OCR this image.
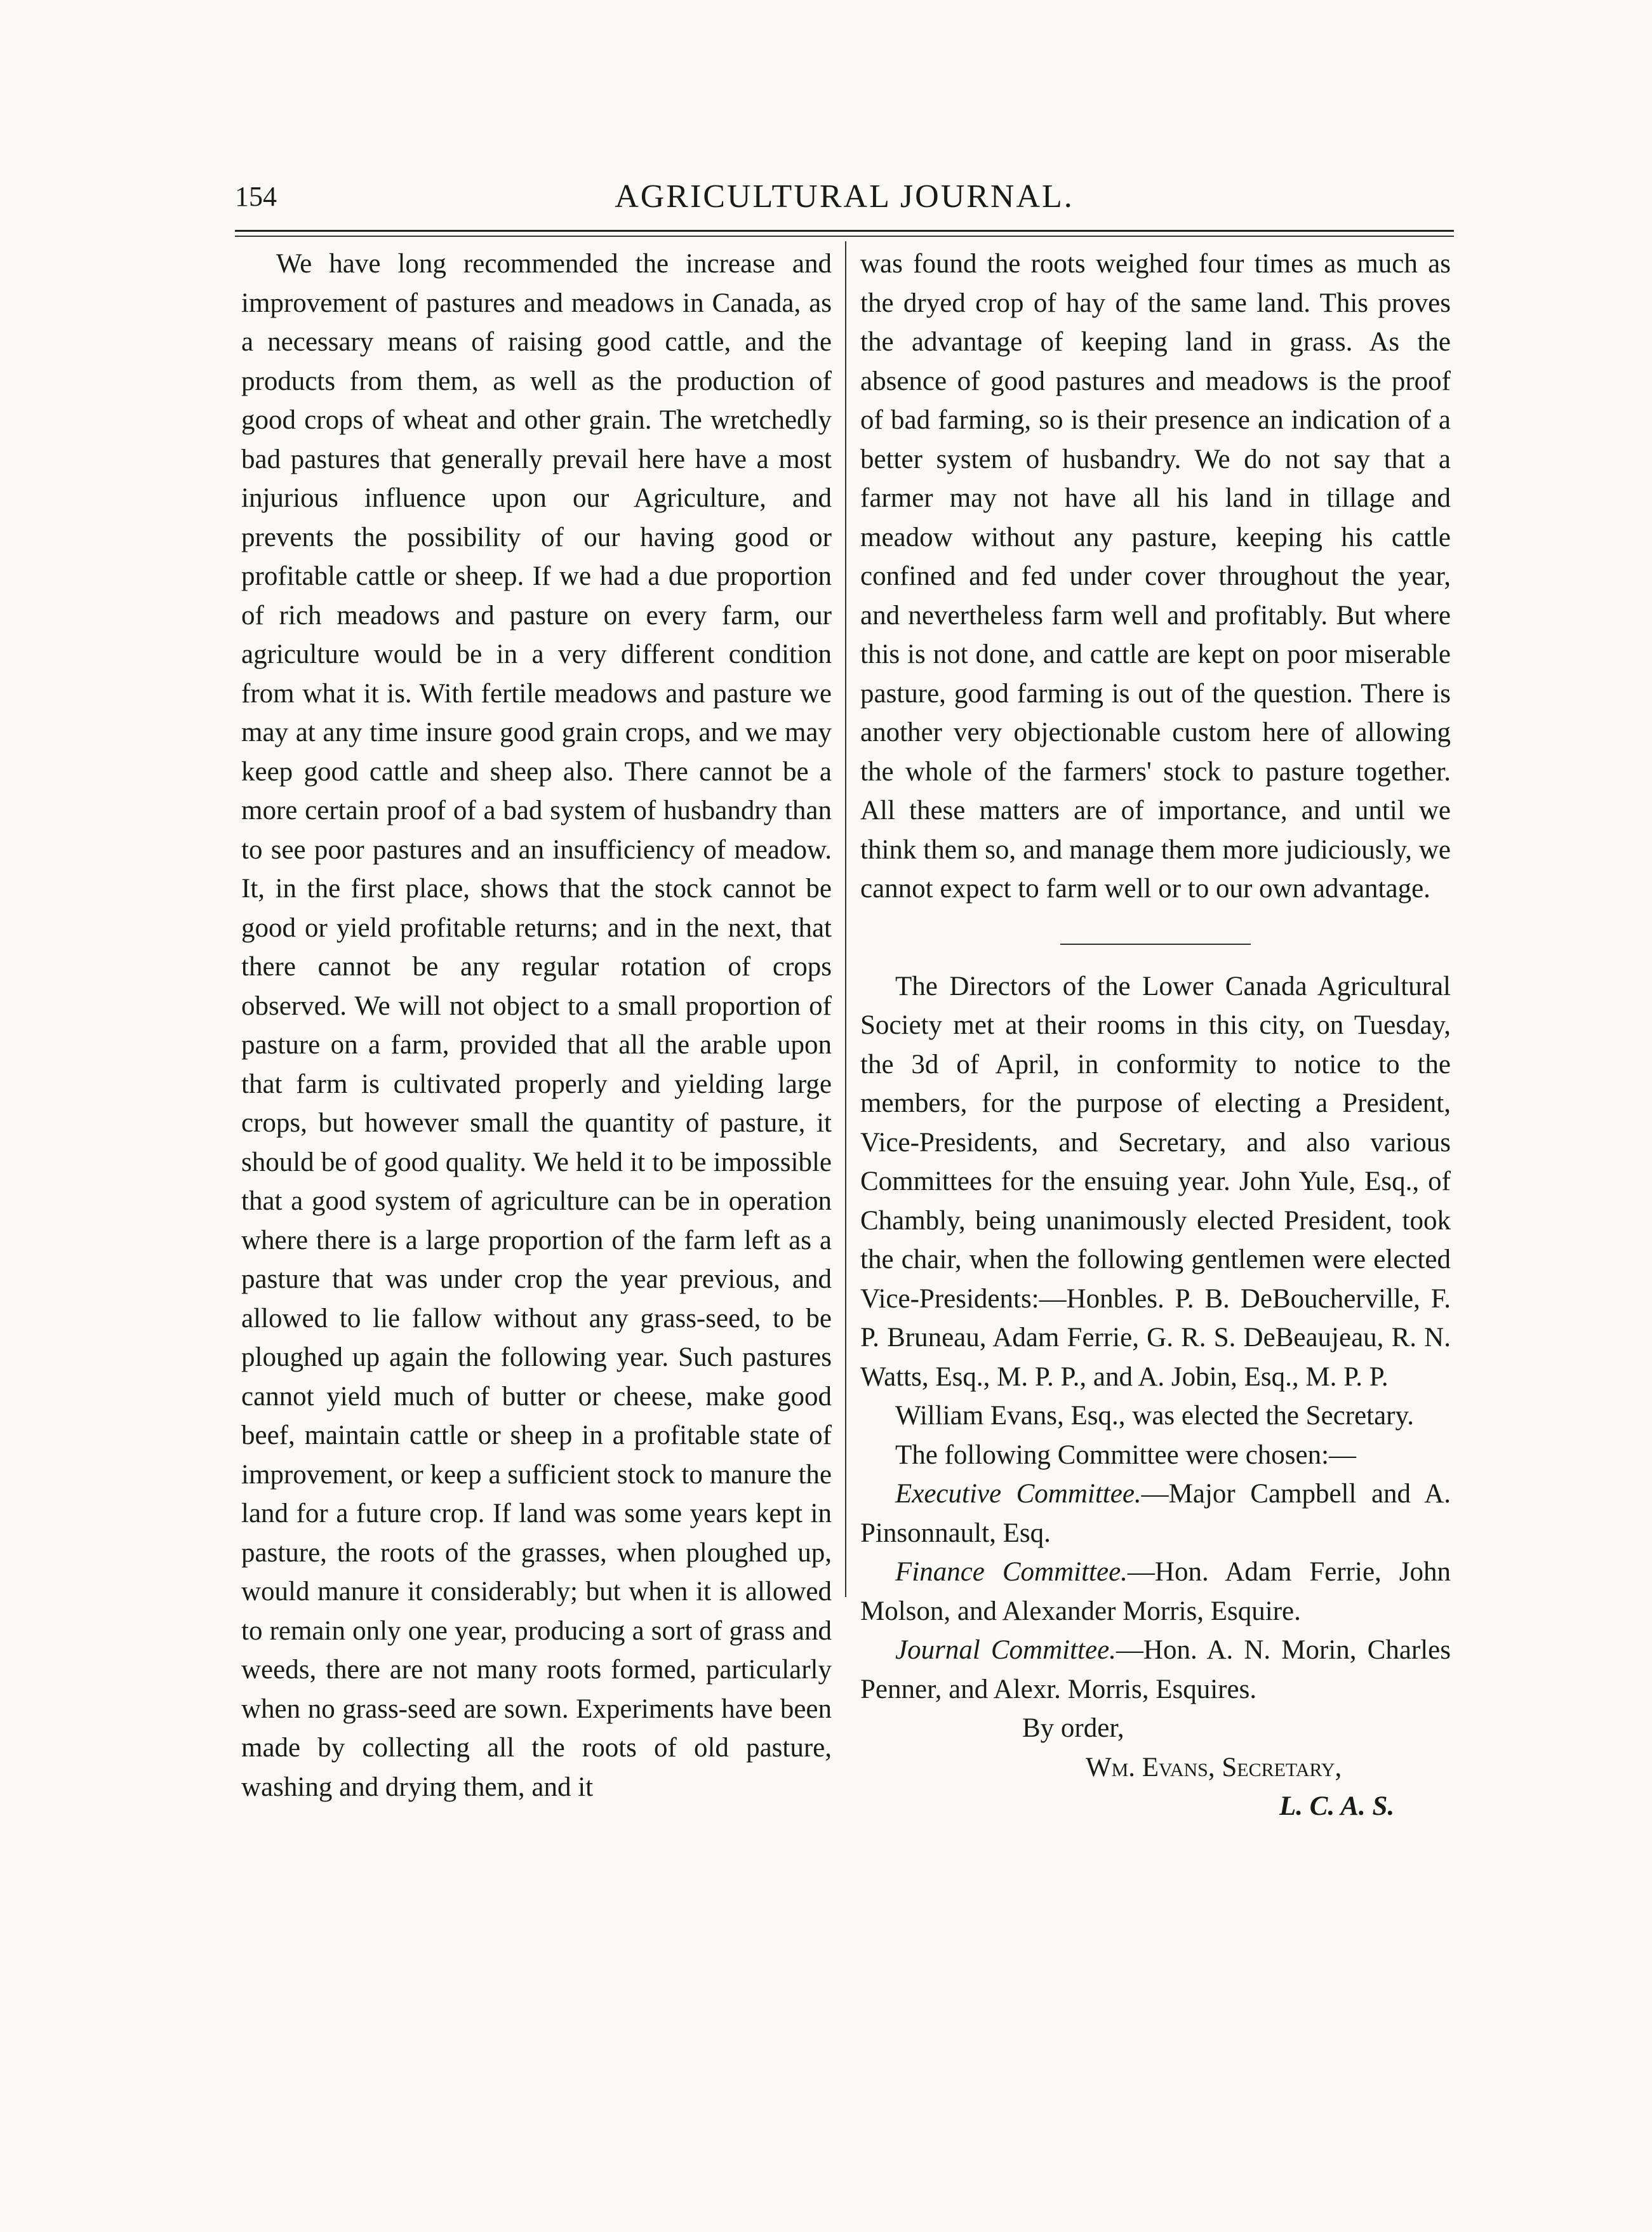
154	AGRICULTURAL JOURNAL.

We have long recommended the increase and improvement of pastures and meadows in Canada, as a necessary means of raising good cattle, and the products from them, as well as the production of good crops of wheat and other grain. The wretchedly bad pastures that generally prevail here have a most injurious influence upon our Agriculture, and prevents the possibility of our having good or profitable cattle or sheep. If we had a due proportion of rich meadows and pasture on every farm, our agriculture would be in a very different condition from what it is. With fertile meadows and pasture we may at any time insure good grain crops, and we may keep good cattle and sheep also. There cannot be a more certain proof of a bad system of husbandry than to see poor pastures and an insufficiency of meadow. It, in the first place, shows that the stock cannot be good or yield profitable returns; and in the next, that there cannot be any regular rotation of crops observed. We will not object to a small proportion of pasture on a farm, provided that all the arable upon that farm is cultivated properly and yielding large crops, but however small the quantity of pasture, it should be of good quality. We held it to be impossible that a good system of agriculture can be in operation where there is a large proportion of the farm left as a pasture that was under crop the year previous, and allowed to lie fallow without any grass-seed, to be ploughed up again the following year. Such pastures cannot yield much of butter or cheese, make good beef, maintain cattle or sheep in a profitable state of improvement, or keep a sufficient stock to manure the land for a future crop. If land was some years kept in pasture, the roots of the grasses, when ploughed up, would manure it considerably; but when it is allowed to remain only one year, producing a sort of grass and weeds, there are not many roots formed, particularly when no grass-seed are sown. Experiments have been made by collecting all the roots of old pasture, washing and drying them, and it

was found the roots weighed four times as much as the dryed crop of hay of the same land. This proves the advantage of keeping land in grass. As the absence of good pastures and meadows is the proof of bad farming, so is their presence an indication of a better system of husbandry. We do not say that a farmer may not have all his land in tillage and meadow without any pasture, keeping his cattle confined and fed under cover throughout the year, and nevertheless farm well and profitably. But where this is not done, and cattle are kept on poor miserable pasture, good farming is out of the question. There is another very objectionable custom here of allowing the whole of the farmers' stock to pasture together. All these matters are of importance, and until we think them so, and manage them more judiciously, we cannot expect to farm well or to our own advantage.

The Directors of the Lower Canada Agricultural Society met at their rooms in this city, on Tuesday, the 3d of April, in conformity to notice to the members, for the purpose of electing a President, Vice-Presidents, and Secretary, and also various Committees for the ensuing year. John Yule, Esq., of Chambly, being unanimously elected President, took the chair, when the following gentlemen were elected Vice-Presidents:—Honbles. P. B. DeBoucherville, F. P. Bruneau, Adam Ferrie, G. R. S. DeBeaujeau, R. N. Watts, Esq., M. P. P., and A. Jobin, Esq., M. P. P.

William Evans, Esq., was elected the Secretary.

The following Committee were chosen:—

Executive Committee.—Major Campbell and A. Pinsonnault, Esq.

Finance Committee.—Hon. Adam Ferrie, John Molson, and Alexander Morris, Esquire.

Journal Committee.—Hon. A. N. Morin, Charles Penner, and Alexr. Morris, Esquires.

By order,

Wm. Evans, Secretary,

L. C. A. S.
